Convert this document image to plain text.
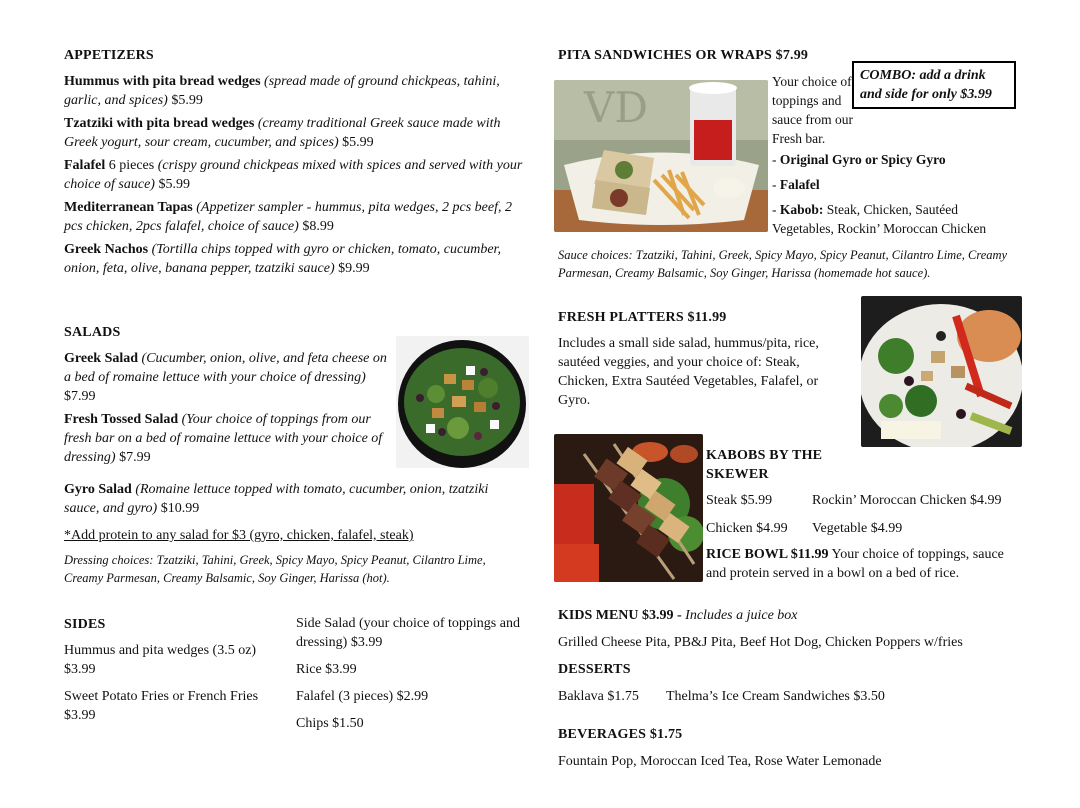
APPETIZERS

Hummus with pita bread wedges (spread made of ground chickpeas, tahini, garlic, and spices) $5.99

Tzatziki with pita bread wedges (creamy traditional Greek sauce made with Greek yogurt, sour cream, cucumber, and spices) $5.99

Falafel 6 pieces (crispy ground chickpeas mixed with spices and served with your choice of sauce) $5.99

Mediterranean Tapas (Appetizer sampler - hummus, pita wedges, 2 pcs beef, 2 pcs chicken, 2pcs falafel, choice of sauce) $8.99

Greek Nachos (Tortilla chips topped with gyro or chicken, tomato, cucumber, onion, feta, olive, banana pepper, tzatziki sauce) $9.99

SALADS

Greek Salad (Cucumber, onion, olive, and feta cheese on a bed of romaine lettuce with your choice of dressing) $7.99

Fresh Tossed Salad (Your choice of toppings from our fresh bar on a bed of romaine lettuce with your choice of dressing) $7.99

Gyro Salad (Romaine lettuce topped with tomato, cucumber, onion, tzatziki sauce, and gyro) $10.99

*Add protein to any salad for $3 (gyro, chicken, falafel, steak)
Dressing choices: Tzatziki, Tahini, Greek, Spicy Mayo, Spicy Peanut, Cilantro Lime, Creamy Parmesan, Creamy Balsamic, Soy Ginger, Harissa (hot).
SIDES

Hummus and pita wedges (3.5 oz) $3.99

Sweet Potato Fries or French Fries $3.99

Side Salad (your choice of toppings and dressing) $3.99

Rice $3.99

Falafel (3 pieces) $2.99

Chips $1.50

PITA SANDWICHES OR WRAPS $7.99
VD
Your choice of toppings and sauce from our Fresh bar.
COMBO: add a drink and side for only $3.99

- Original Gyro or Spicy Gyro

- Falafel

- Kabob: Steak, Chicken, Sautéed Vegetables, Rockin’ Moroccan Chicken

Sauce choices: Tzatziki, Tahini, Greek, Spicy Mayo, Spicy Peanut, Cilantro Lime, Creamy Parmesan, Creamy Balsamic, Soy Ginger, Harissa (homemade hot sauce).
FRESH PLATTERS $11.99
Includes a small side salad, hummus/pita, rice, sautéed veggies, and your choice of: Steak, Chicken, Extra Sautéed Vegetables, Falafel, or Gyro.
KABOBS BY THE SKEWER
Steak $5.99	Rockin’ Moroccan Chicken $4.99
Chicken $4.99 Vegetable $4.99
RICE BOWL $11.99 Your choice of toppings, sauce and protein served in a bowl on a bed of rice.
KIDS MENU $3.99 - Includes a juice box
Grilled Cheese Pita, PB&J Pita, Beef Hot Dog, Chicken Poppers w/fries
DESSERTS
Baklava $1.75 Thelma’s Ice Cream Sandwiches $3.50
BEVERAGES $1.75
Fountain Pop, Moroccan Iced Tea, Rose Water Lemonade
